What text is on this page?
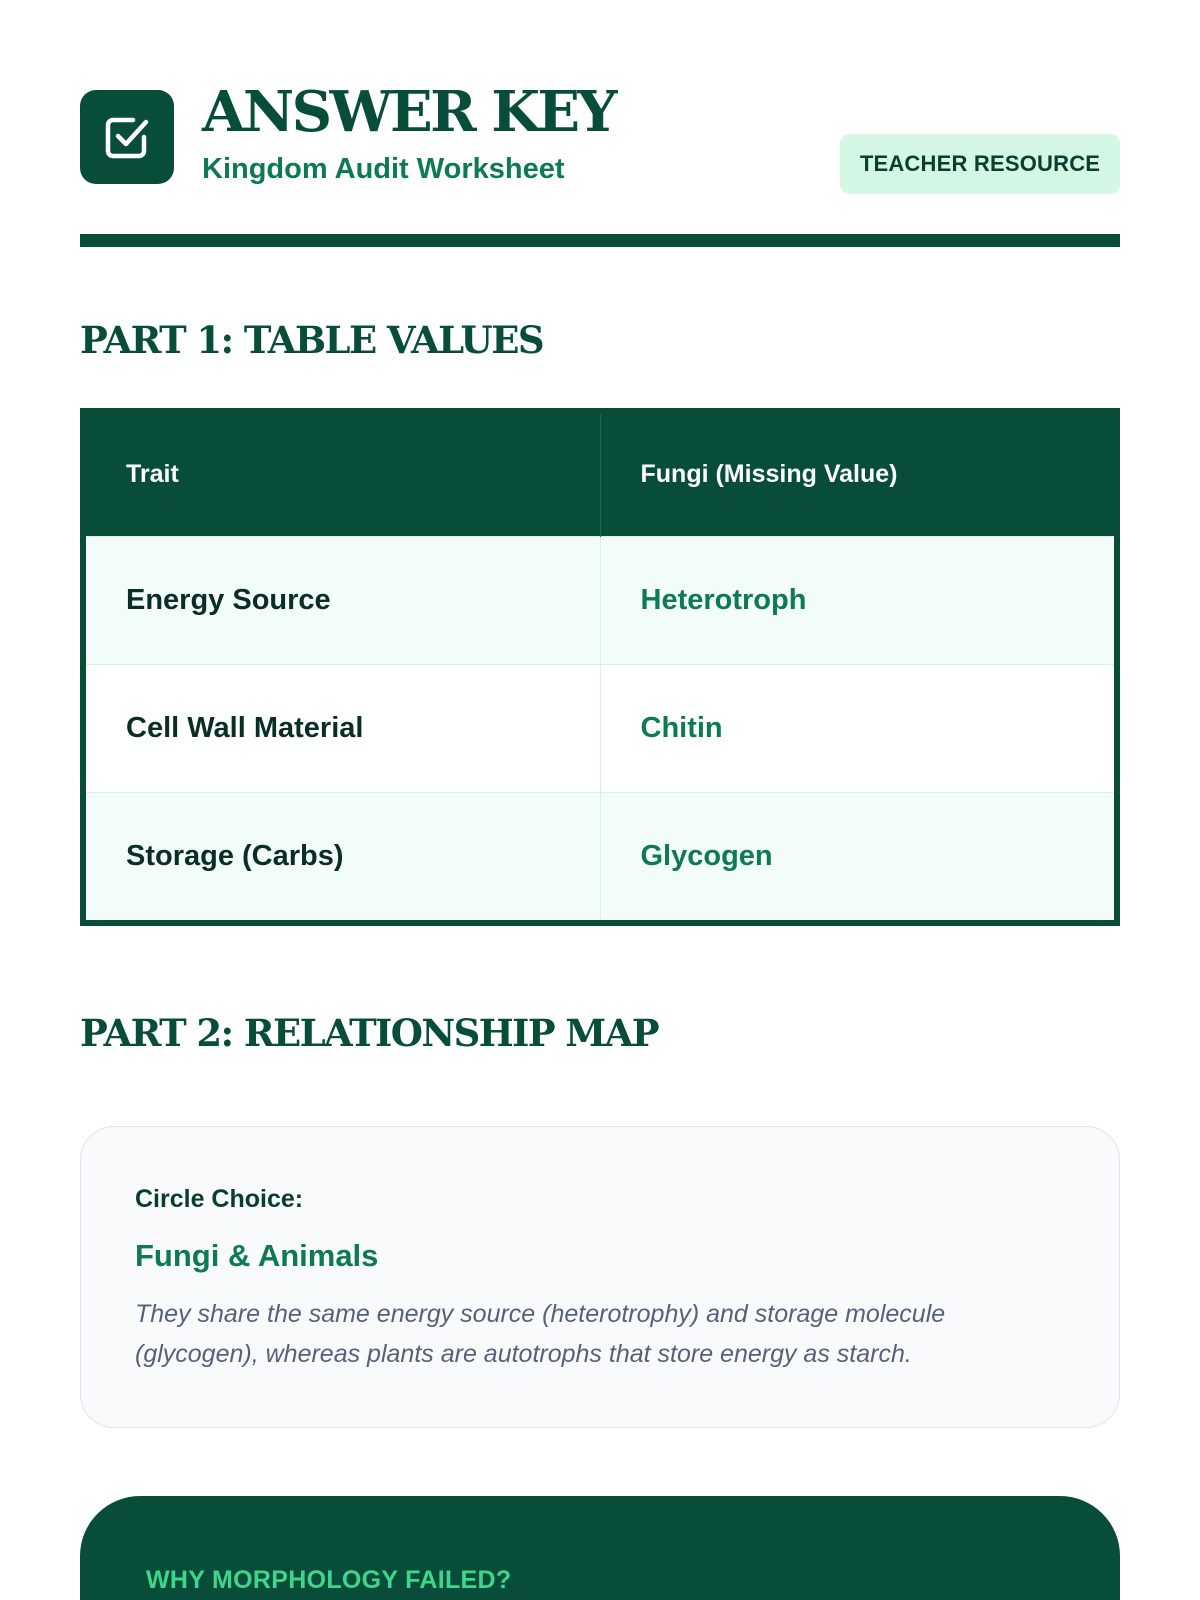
ANSWER KEY
Kingdom Audit Worksheet	TEACHER RESOURCE
PART 1: TABLE VALUES
Trait	Fungi (Missing Value)
Energy Source	Heterotroph
Cell Wall Material	Chitin
Storage (Carbs)	Glycogen
PART 2: RELATIONSHIP MAP
Circle Choice:
Fungi & Animals
They share the same energy source (heterotrophy) and storage molecule (glycogen), whereas plants are autotrophs that store energy as starch.
WHY MORPHOLOGY FAILED?
